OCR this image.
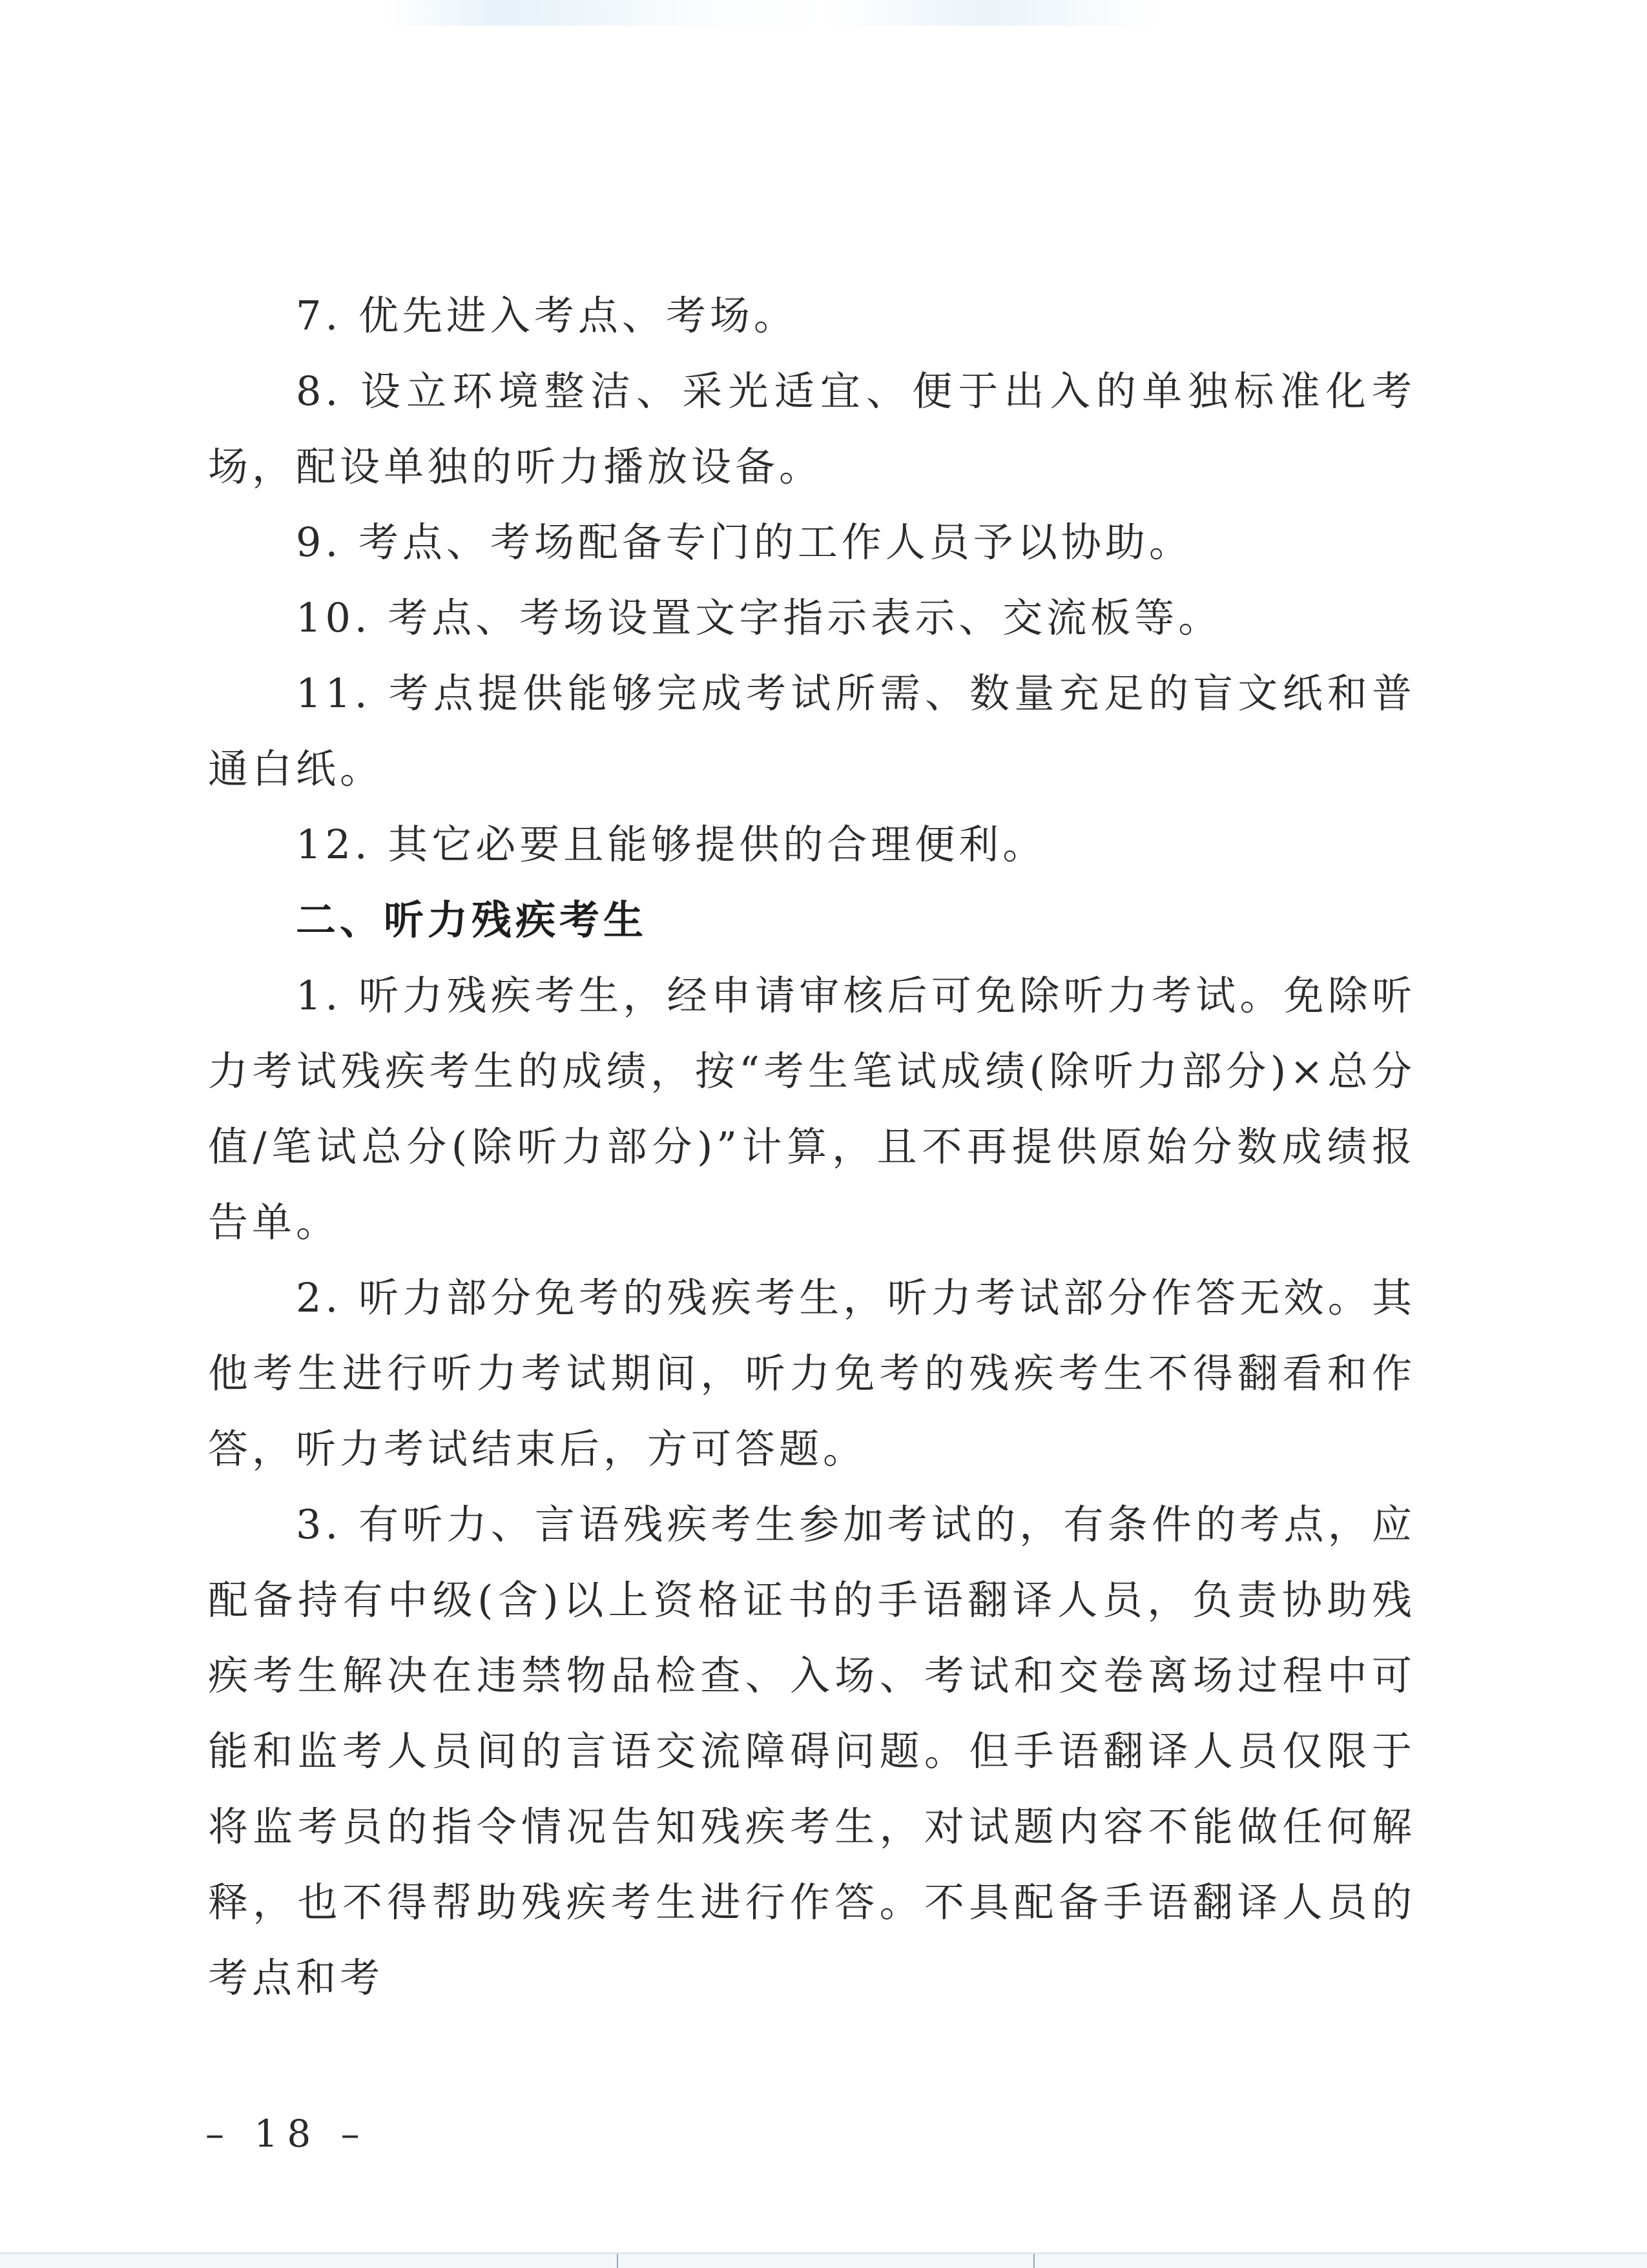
7. 优先进入考点、考场。

8. 设立环境整洁、采光适宜、便于出入的单独标准化考场，配设单独的听力播放设备。

9. 考点、考场配备专门的工作人员予以协助。

10. 考点、考场设置文字指示表示、交流板等。

11. 考点提供能够完成考试所需、数量充足的盲文纸和普通白纸。

12. 其它必要且能够提供的合理便利。

二、听力残疾考生

1. 听力残疾考生，经申请审核后可免除听力考试。免除听力考试残疾考生的成绩，按“考生笔试成绩(除听力部分)×总分值/笔试总分(除听力部分)”计算，且不再提供原始分数成绩报告单。

2. 听力部分免考的残疾考生，听力考试部分作答无效。其他考生进行听力考试期间，听力免考的残疾考生不得翻看和作答，听力考试结束后，方可答题。

3. 有听力、言语残疾考生参加考试的，有条件的考点，应配备持有中级(含)以上资格证书的手语翻译人员，负责协助残疾考生解决在违禁物品检查、入场、考试和交卷离场过程中可能和监考人员间的言语交流障碍问题。但手语翻译人员仅限于将监考员的指令情况告知残疾考生，对试题内容不能做任何解释，也不得帮助残疾考生进行作答。不具配备手语翻译人员的考点和考

– 18 –
